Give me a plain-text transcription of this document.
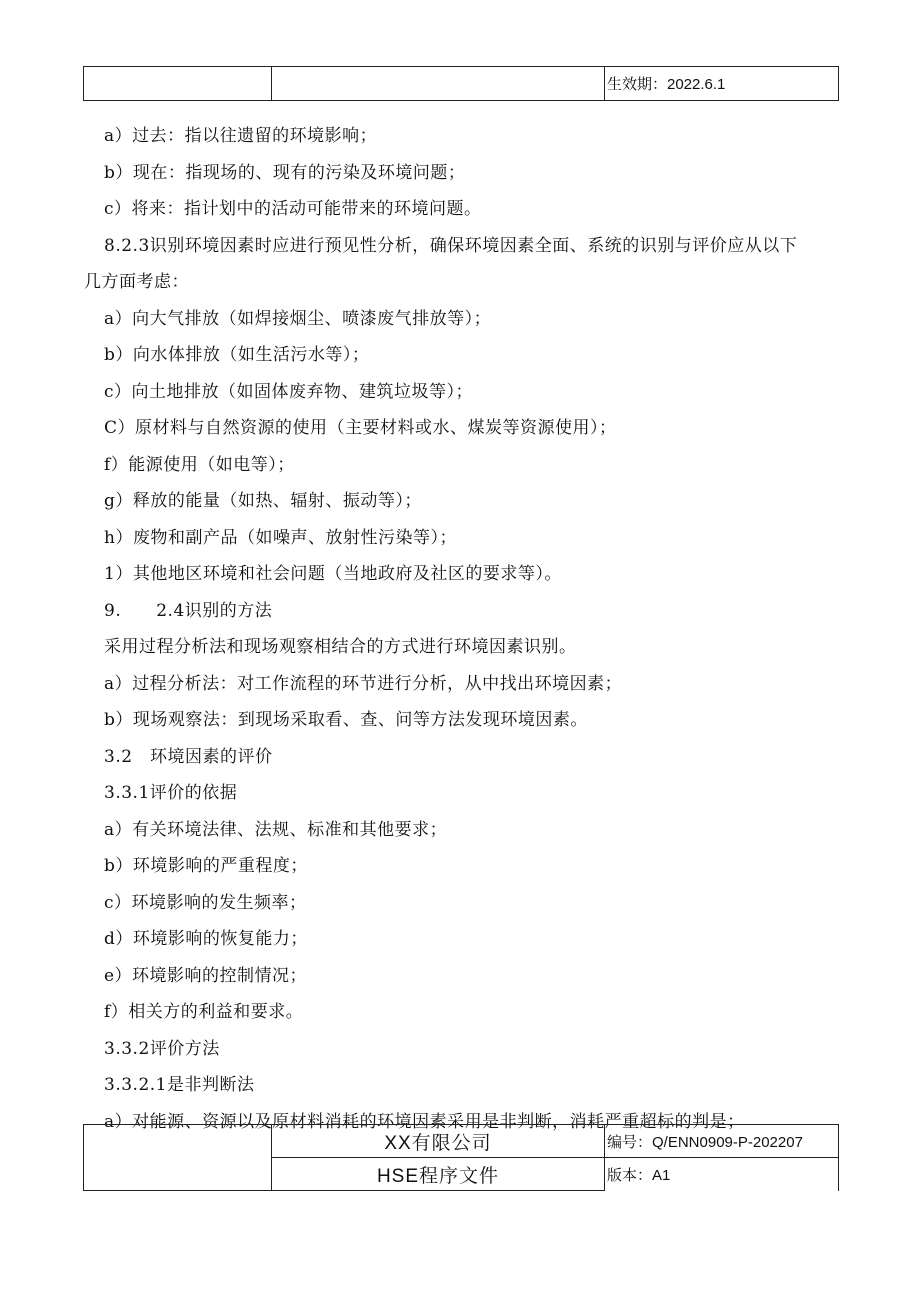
		生效期：2022.6.1
a）过去：指以往遗留的环境影响；
b）现在：指现场的、现有的污染及环境问题；
c）将来：指计划中的活动可能带来的环境问题。
8.2.3识别环境因素时应进行预见性分析，确保环境因素全面、系统的识别与评价应从以下
几方面考虑：
a）向大气排放（如焊接烟尘、喷漆废气排放等）；
b）向水体排放（如生活污水等）；
c）向土地排放（如固体废弃物、建筑垃圾等）；
C）原材料与自然资源的使用（主要材料或水、煤炭等资源使用）；
f）能源使用（如电等）；
g）释放的能量（如热、辐射、振动等）；
h）废物和副产品（如噪声、放射性污染等）；
1）其他地区环境和社会问题（当地政府及社区的要求等）。
9.　　2.4识别的方法
采用过程分析法和现场观察相结合的方式进行环境因素识别。
a）过程分析法：对工作流程的环节进行分析，从中找出环境因素；
b）现场观察法：到现场采取看、查、问等方法发现环境因素。
3.2　环境因素的评价
3.3.1评价的依据
a）有关环境法律、法规、标准和其他要求；
b）环境影响的严重程度；
c）环境影响的发生频率；
d）环境影响的恢复能力；
e）环境影响的控制情况；
f）相关方的利益和要求。
3.3.2评价方法
3.3.2.1是非判断法
a）对能源、资源以及原材料消耗的环境因素采用是非判断，消耗严重超标的判是；
	XX有限公司	编号：Q/ENN0909-P-202207
	HSE程序文件	版本：A1
